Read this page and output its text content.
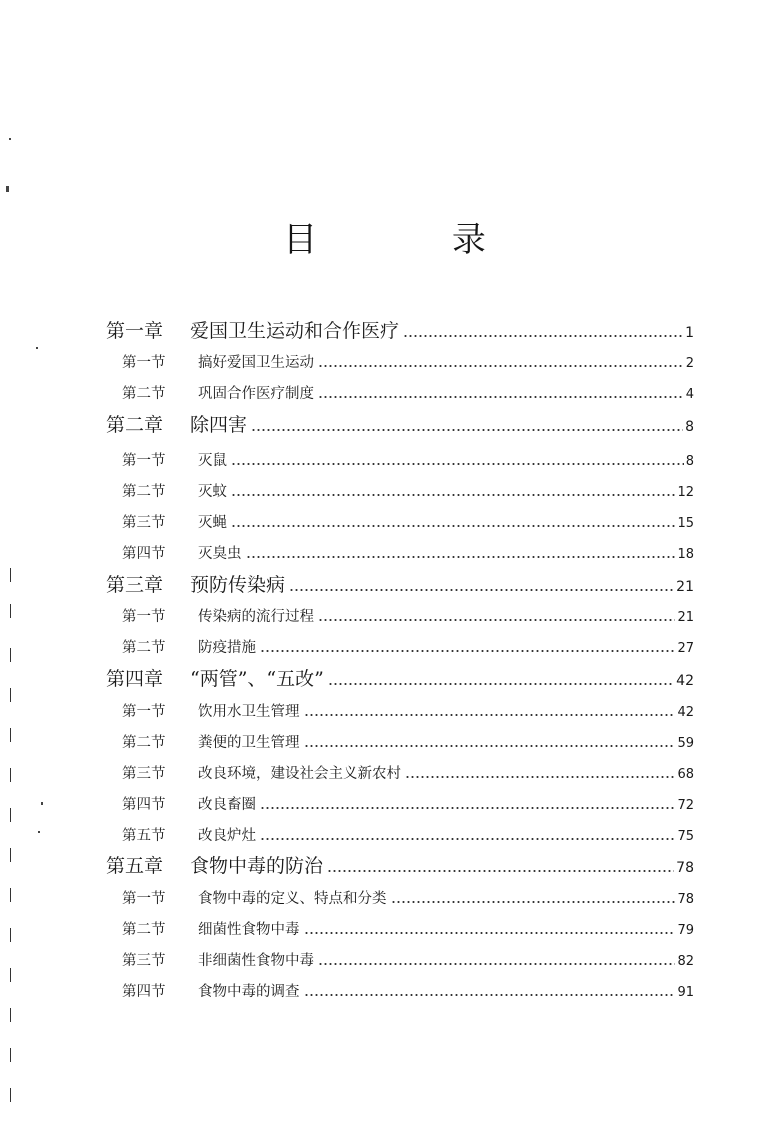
目 录
第一章	爱国卫生运动和合作医疗	1
第一节	搞好爱国卫生运动	2
第二节	巩固合作医疗制度	4
第二章	除四害	8
第一节	灭鼠	8
第二节	灭蚊	12
第三节	灭蝇	15
第四节	灭臭虫	18
第三章	预防传染病	21
第一节	传染病的流行过程	21
第二节	防疫措施	27
第四章	“两管”、“五改”	42
第一节	饮用水卫生管理	42
第二节	粪便的卫生管理	59
第三节	改良环境，建设社会主义新农村	68
第四节	改良畜圈	72
第五节	改良炉灶	75
第五章	食物中毒的防治	78
第一节	食物中毒的定义、特点和分类	78
第二节	细菌性食物中毒	79
第三节	非细菌性食物中毒	82
第四节	食物中毒的调查	91
